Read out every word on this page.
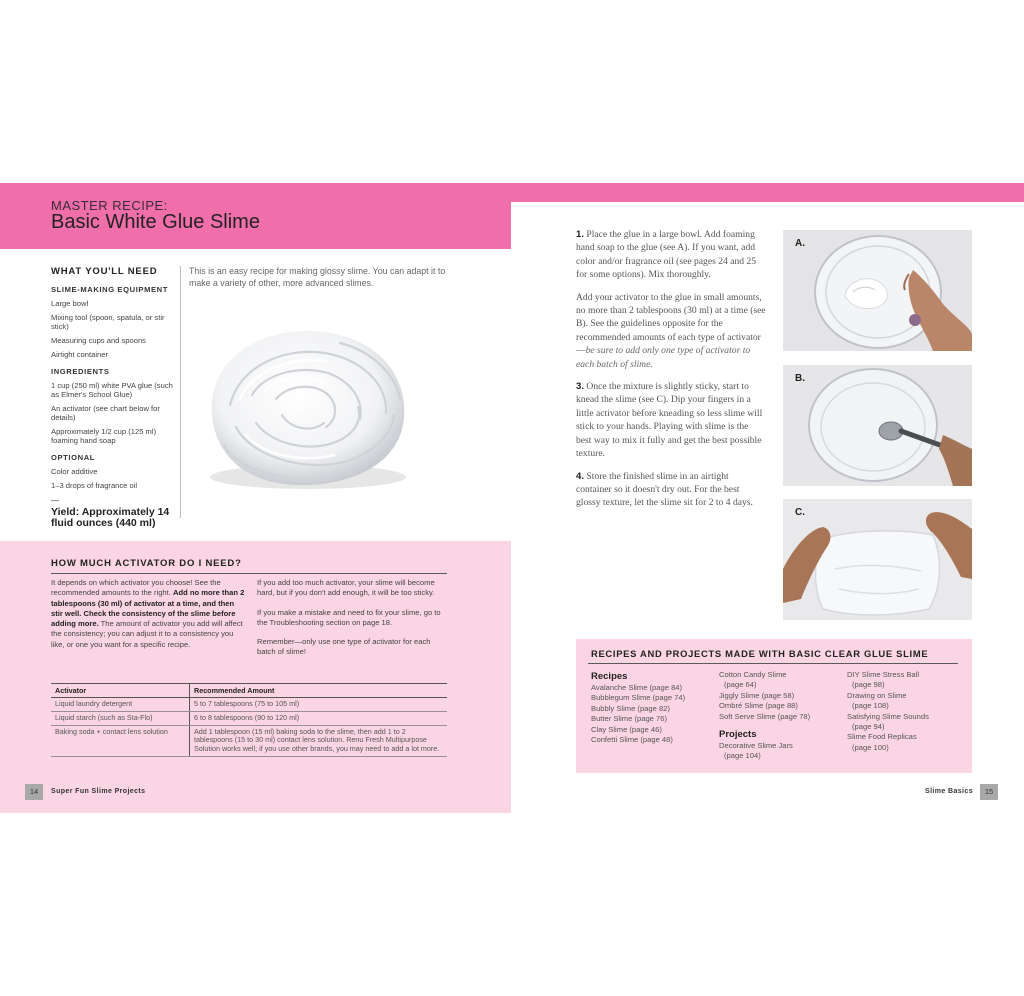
MASTER RECIPE:
Basic White Glue Slime
WHAT YOU'LL NEED
SLIME-MAKING EQUIPMENT
Large bowl
Mixing tool (spoon, spatula, or stir stick)
Measuring cups and spoons
Airtight container
INGREDIENTS
1 cup (250 ml) white PVA glue (such as Elmer's School Glue)
An activator (see chart below for details)
Approximately 1/2 cup (125 ml) foaming hand soap
OPTIONAL
Color additive
1–3 drops of fragrance oil
—
Yield: Approximately 14 fluid ounces (440 ml)
This is an easy recipe for making glossy slime. You can adapt it to make a variety of other, more advanced slimes.
HOW MUCH ACTIVATOR DO I NEED?
It depends on which activator you choose! See the recommended amounts to the right. Add no more than 2 tablespoons (30 ml) of activator at a time, and then stir well. Check the consistency of the slime before adding more. The amount of activator you add will affect the consistency; you can adjust it to a consistency you like, or one you want for a specific recipe.

If you add too much activator, your slime will become hard, but if you don't add enough, it will be too sticky.

If you make a mistake and need to fix your slime, go to the Troubleshooting section on page 18.

Remember—only use one type of activator for each batch of slime!

Activator	Recommended Amount
Liquid laundry detergent	5 to 7 tablespoons (75 to 105 ml)
Liquid starch (such as Sta-Flo)	6 to 8 tablespoons (90 to 120 ml)
Baking soda + contact lens solution	Add 1 tablespoon (15 ml) baking soda to the slime, then add 1 to 2 tablespoons (15 to 30 ml) contact lens solution. Renu Fresh Multipurpose Solution works well; if you use other brands, you may need to add a lot more.
14	Super Fun Slime Projects

1. Place the glue in a large bowl. Add foaming hand soap to the glue (see A). If you want, add color and/or fragrance oil (see pages 24 and 25 for some options). Mix thoroughly.

Add your activator to the glue in small amounts, no more than 2 tablespoons (30 ml) at a time (see B). See the guidelines opposite for the recommended amounts of each type of activator—be sure to add only one type of activator to each batch of slime.

3. Once the mixture is slightly sticky, start to knead the slime (see C). Dip your fingers in a little activator before kneading so less slime will stick to your hands. Playing with slime is the best way to mix it fully and get the best possible texture.

4. Store the finished slime in an airtight container so it doesn't dry out. For the best glossy texture, let the slime sit for 2 to 4 days.

A.
B.
C.
RECIPES AND PROJECTS MADE WITH BASIC CLEAR GLUE SLIME
Recipes
Avalanche Slime (page 84)
Bubblegum Slime (page 74)
Bubbly Slime (page 82)
Butter Slime (page 76)
Clay Slime (page 46)
Confetti Slime (page 48)
Cotton Candy Slime
(page 64)
Jiggly Slime (page 58)
Ombré Slime (page 88)
Soft Serve Slime (page 78)
Projects
Decorative Slime Jars
(page 104)
DIY Slime Stress Ball
(page 98)
Drawing on Slime
(page 108)
Satisfying Slime Sounds
(page 94)
Slime Food Replicas
(page 100)
Slime Basics	15
